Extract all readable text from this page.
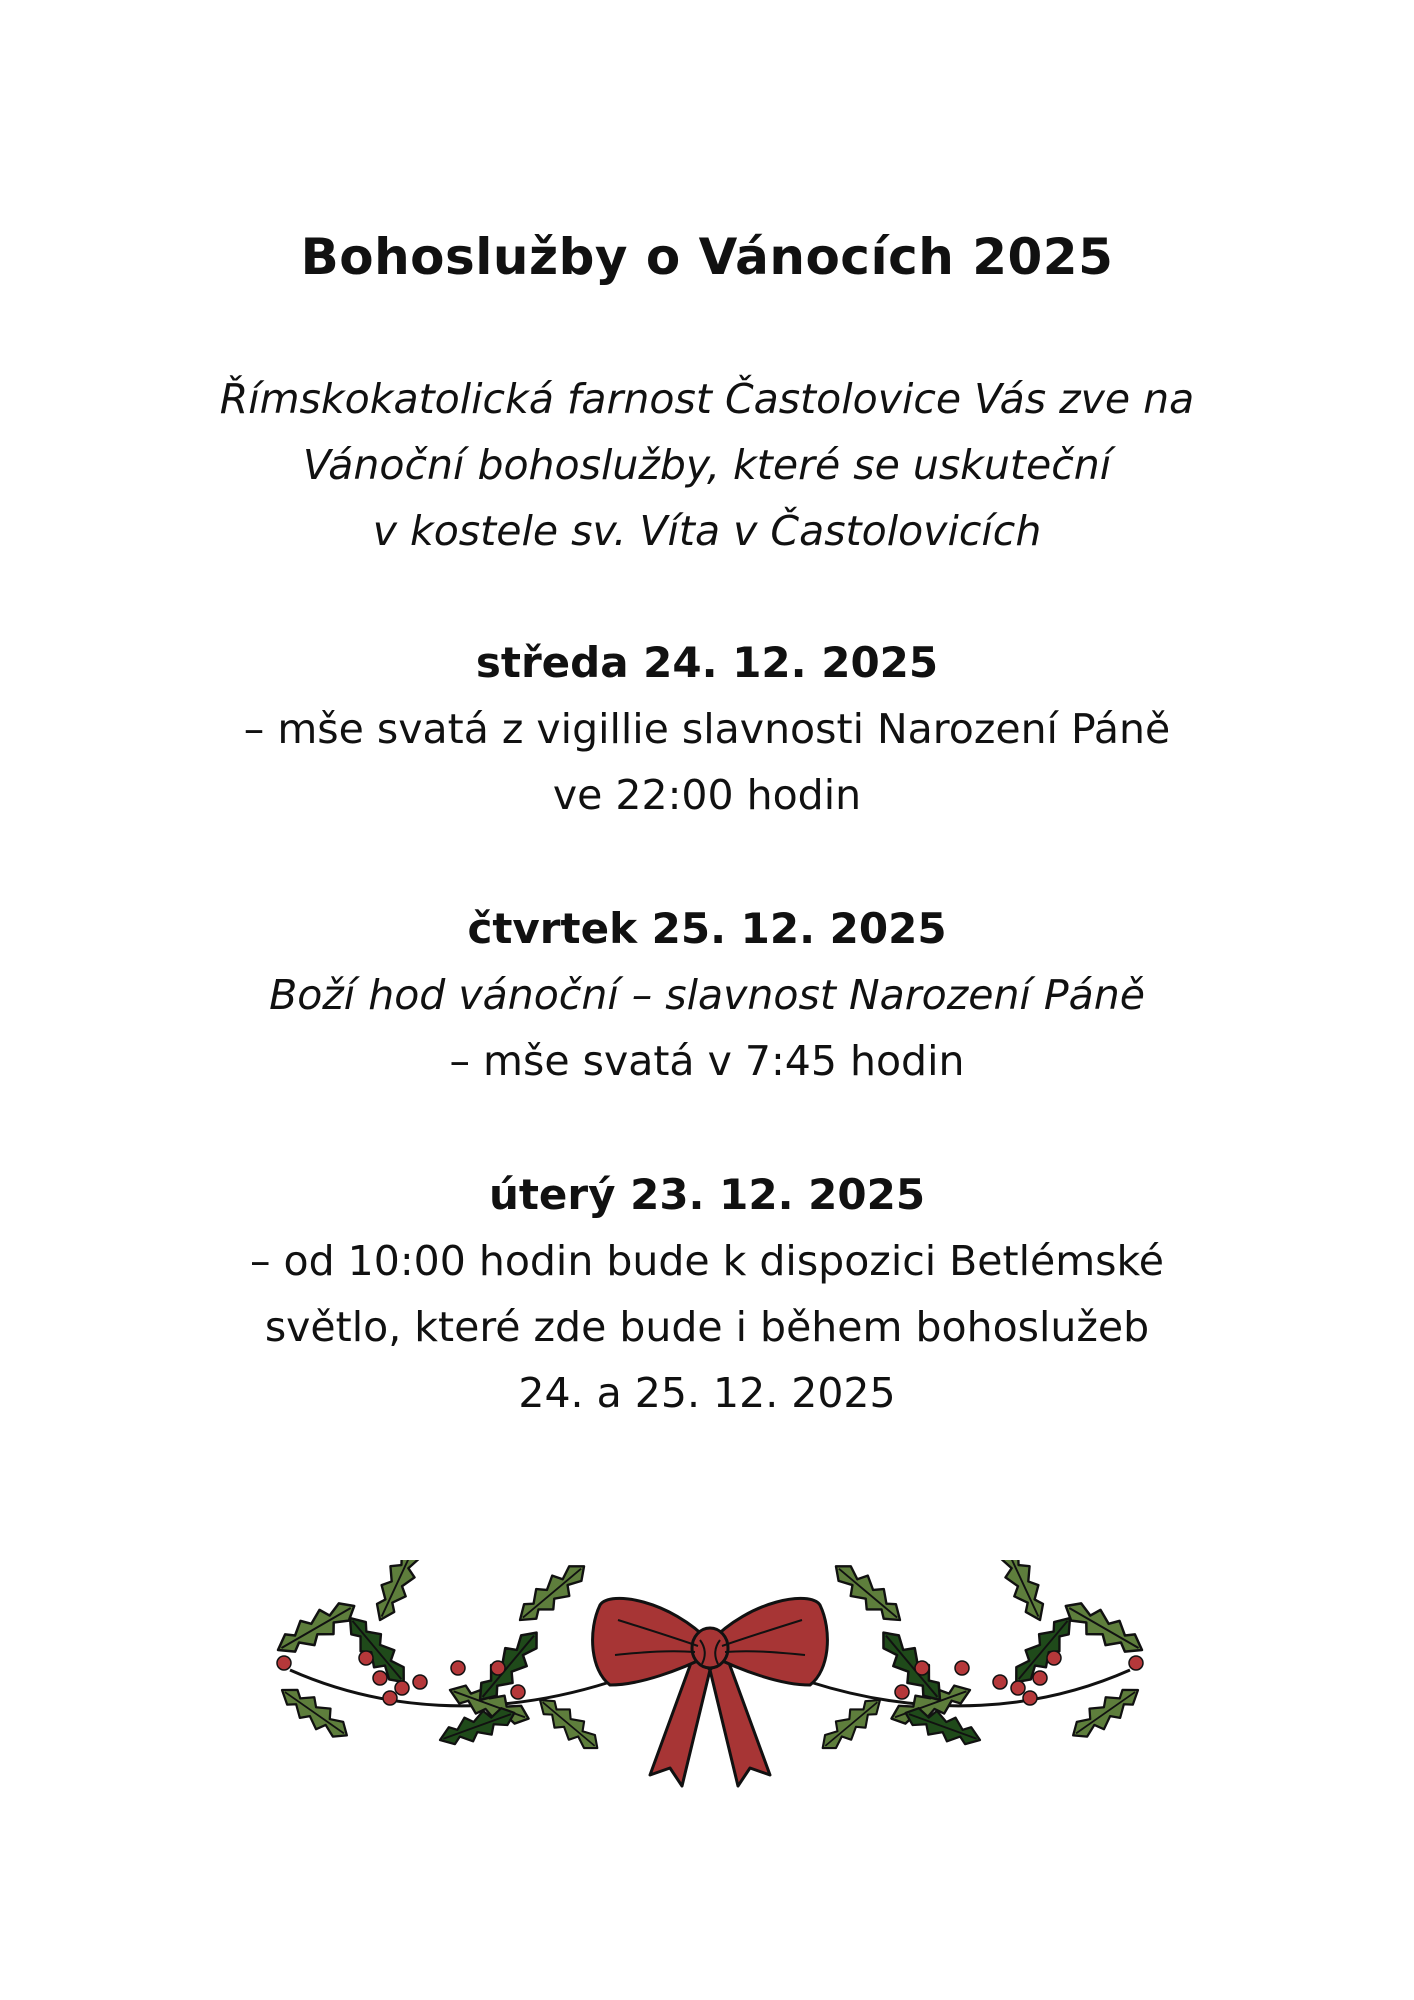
Bohoslužby o Vánocích 2025
Římskokatolická farnost Častolovice Vás zve na
Vánoční bohoslužby, které se uskuteční
v kostele sv. Víta v Častolovicích
středa 24. 12. 2025
– mše svatá z vigillie slavnosti Narození Páně
ve 22:00 hodin
čtvrtek 25. 12. 2025
Boží hod vánoční – slavnost Narození Páně
– mše svatá v 7:45 hodin
úterý 23. 12. 2025
– od 10:00 hodin bude k dispozici Betlémské
světlo, které zde bude i během bohoslužeb
24. a 25. 12. 2025
